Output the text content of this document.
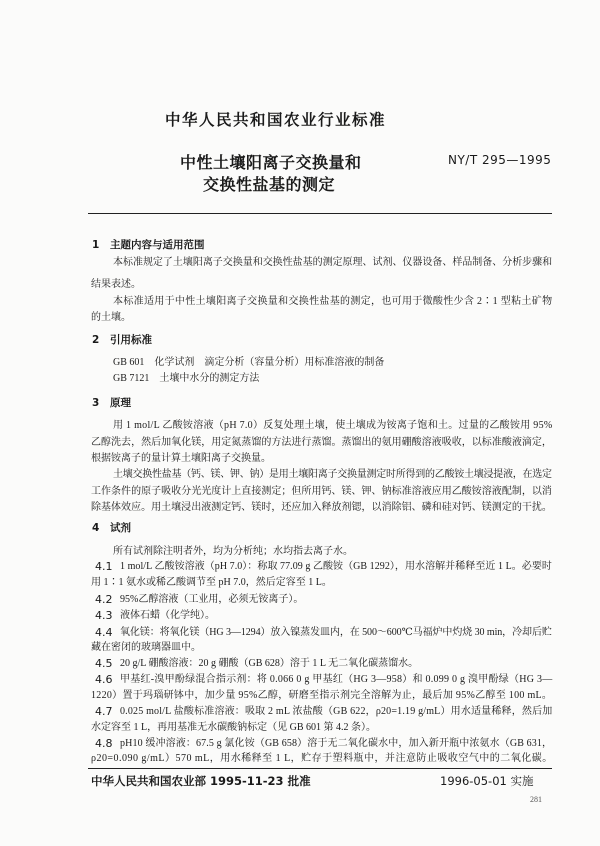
中华人民共和国农业行业标准
中性土壤阳离子交换量和
交换性盐基的测定
NY/T 295—1995
1 主题内容与适用范围
本标准规定了土壤阳离子交换量和交换性盐基的测定原理、试剂、仪器设备、样品制备、分析步骤和
结果表述。
本标准适用于中性土壤阳离子交换量和交换性盐基的测定，也可用于微酸性少含 2∶1 型粘土矿物
的土壤。
2 引用标准
GB 601　化学试剂　滴定分析（容量分析）用标准溶液的制备
GB 7121　土壤中水分的测定方法
3 原理
用 1 mol/L 乙酸铵溶液（pH 7.0）反复处理土壤，使土壤成为铵离子饱和土。过量的乙酸铵用 95%
乙醇洗去，然后加氧化镁，用定氮蒸馏的方法进行蒸馏。蒸馏出的氨用硼酸溶液吸收，以标准酸液滴定，
根据铵离子的量计算土壤阳离子交换量。
土壤交换性盐基（钙、镁、钾、钠）是用土壤阳离子交换量测定时所得到的乙酸铵土壤浸提液，在选定
工作条件的原子吸收分光光度计上直接测定；但所用钙、镁、钾、钠标准溶液应用乙酸铵溶液配制，以消
除基体效应。用土壤浸出液测定钙、镁时，还应加入释放剂锶，以消除铝、磷和硅对钙、镁测定的干扰。
4 试剂
所有试剂除注明者外，均为分析纯；水均指去离子水。
4.1 1 mol/L 乙酸铵溶液（pH 7.0）：称取 77.09 g 乙酸铵（GB 1292），用水溶解并稀释至近 1 L。必要时
用 1∶1 氨水或稀乙酸调节至 pH 7.0，然后定容至 1 L。
4.2 95%乙醇溶液（工业用，必须无铵离子）。
4.3 液体石蜡（化学纯）。
4.4 氧化镁：将氧化镁（HG 3—1294）放入镍蒸发皿内，在 500～600℃马福炉中灼烧 30 min，冷却后贮
藏在密闭的玻璃器皿中。
4.5 20 g/L 硼酸溶液：20 g 硼酸（GB 628）溶于 1 L 无二氧化碳蒸馏水。
4.6 甲基红-溴甲酚绿混合指示剂：将 0.066 0 g 甲基红（HG 3—958）和 0.099 0 g 溴甲酚绿（HG 3—
1220）置于玛瑙研钵中，加少量 95%乙醇，研磨至指示剂完全溶解为止，最后加 95%乙醇至 100 mL。
4.7 0.025 mol/L 盐酸标准溶液：吸取 2 mL 浓盐酸（GB 622，ρ20=1.19 g/mL）用水适量稀释，然后加
水定容至 1 L，再用基准无水碳酸钠标定（见 GB 601 第 4.2 条）。
4.8 pH10 缓冲溶液：67.5 g 氯化铵（GB 658）溶于无二氧化碳水中，加入新开瓶中浓氨水（GB 631，
ρ20=0.090 g/mL）570 mL，用水稀释至 1 L，贮存于塑料瓶中，并注意防止吸收空气中的二氧化碳。
中华人民共和国农业部 1995-11-23 批准	1996-05-01 实施
281
